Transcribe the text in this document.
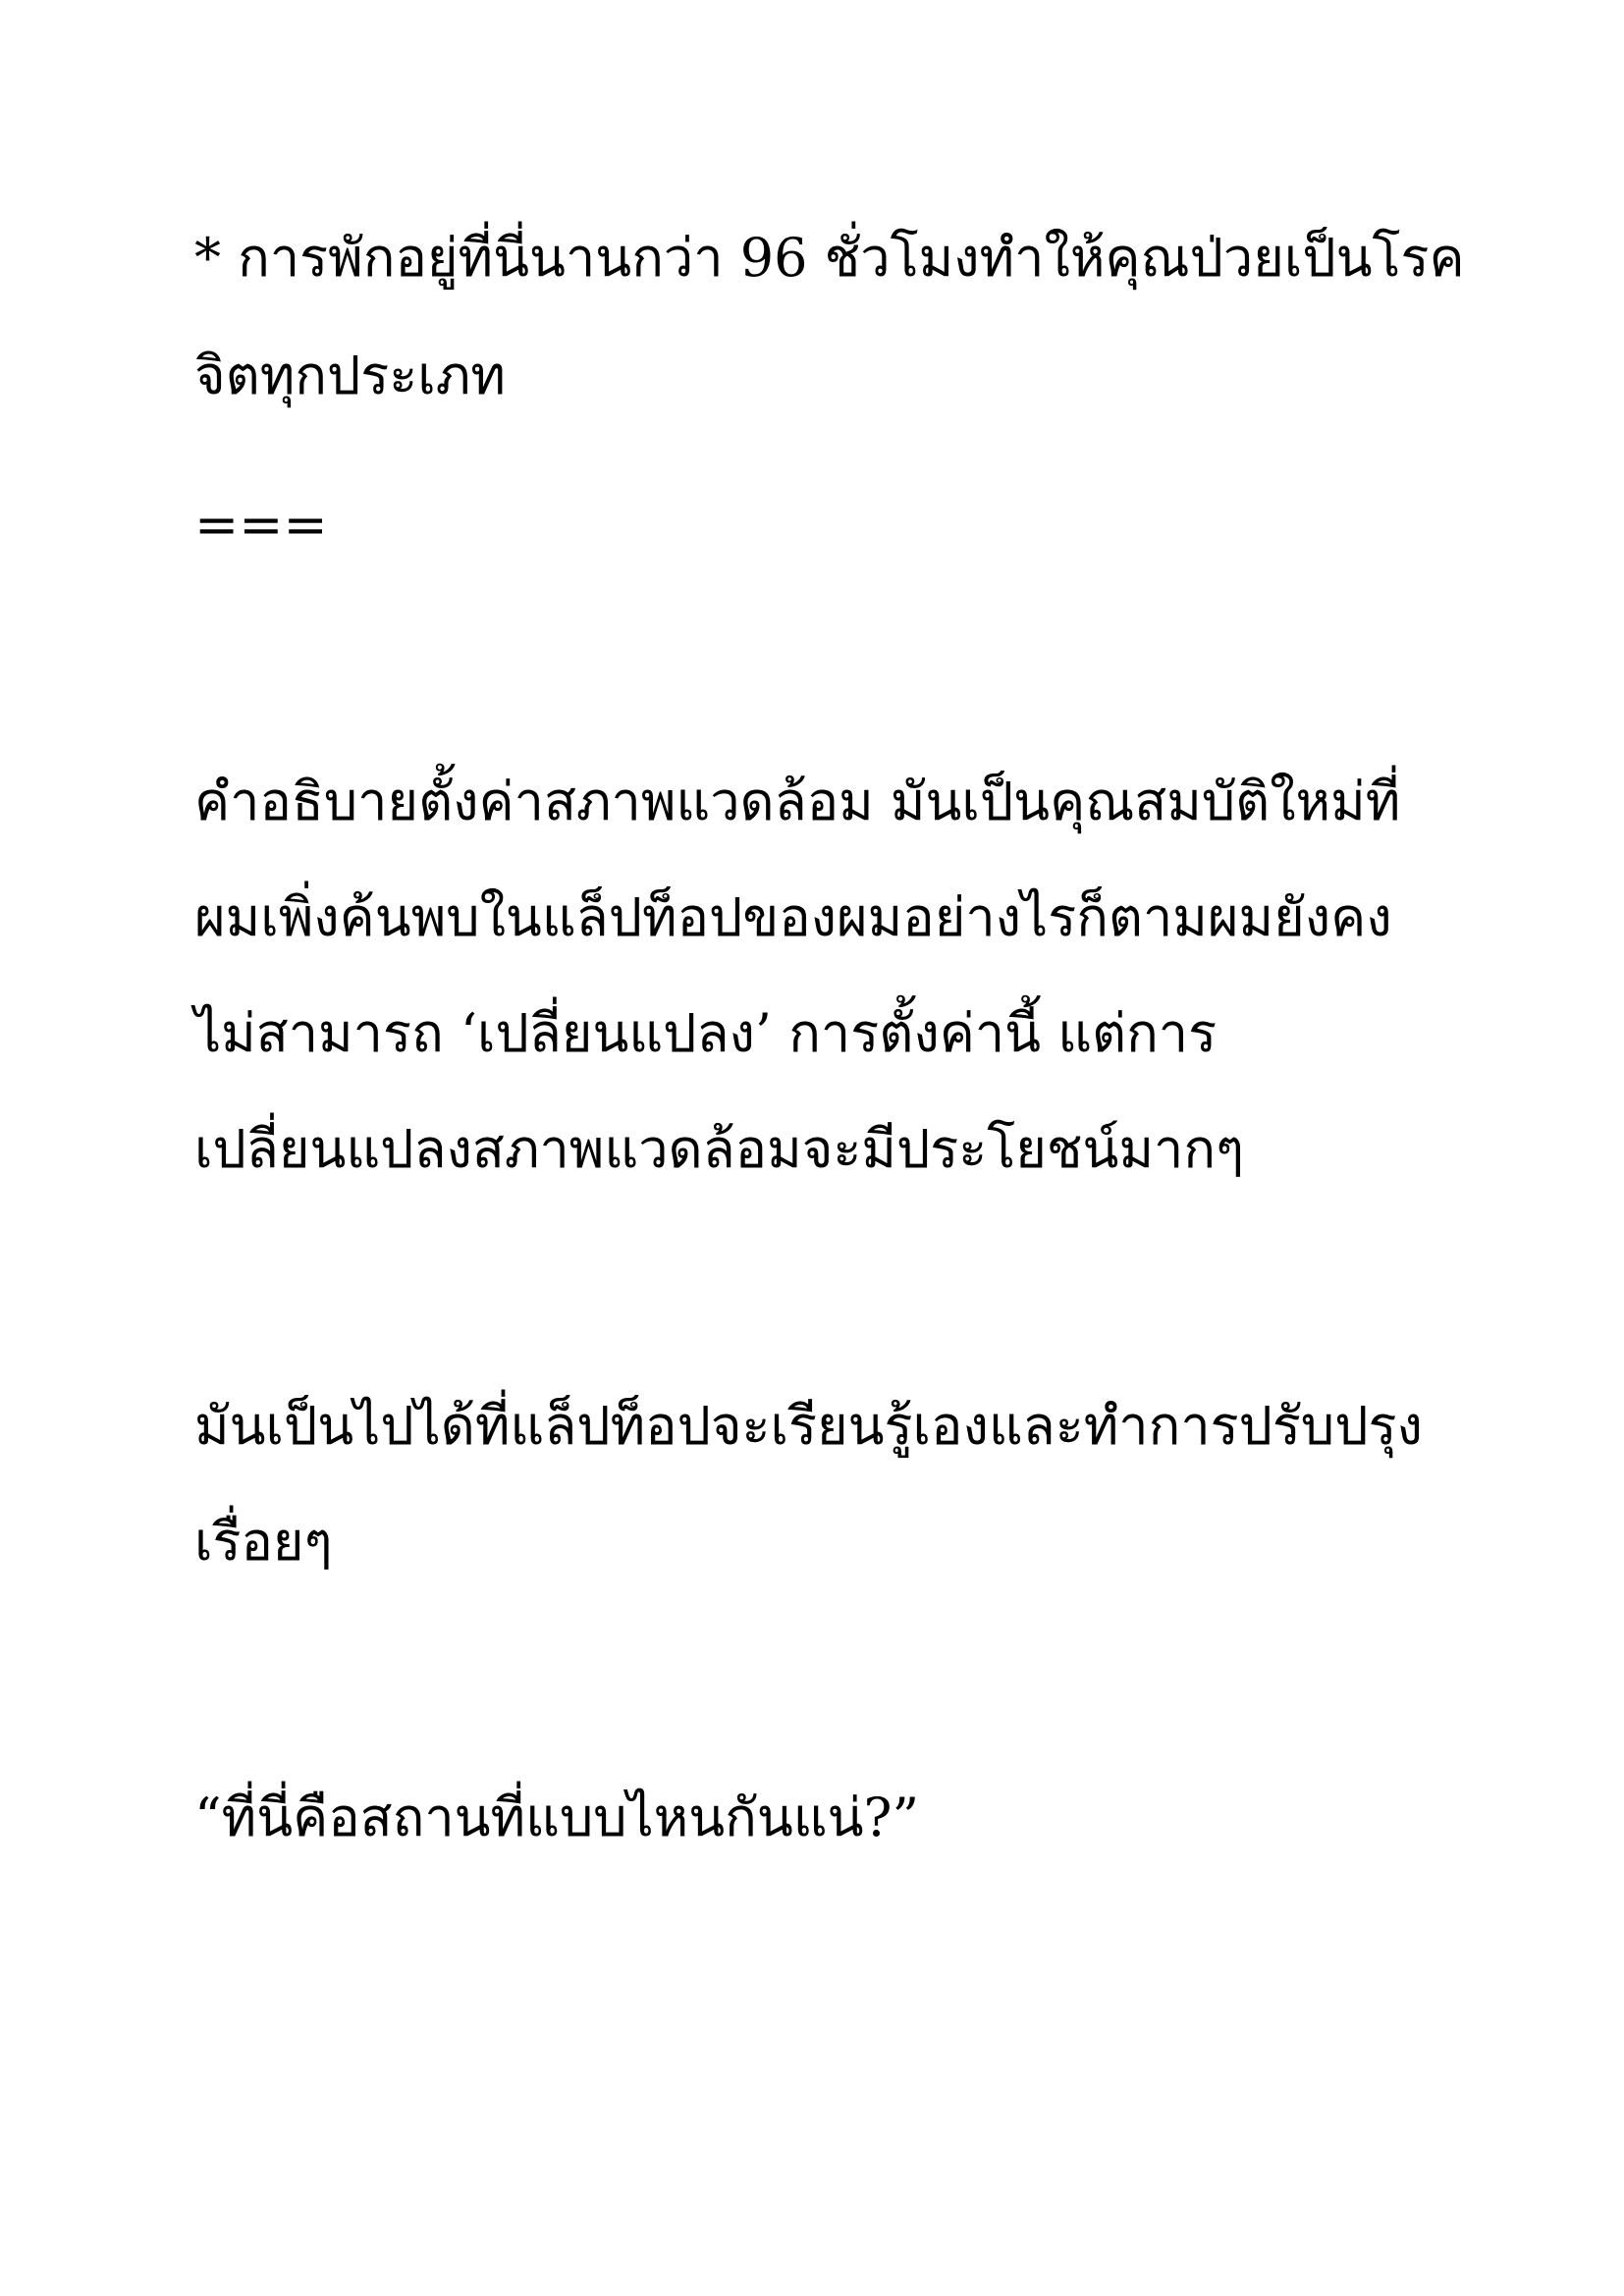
* การพักอยู่ที่นี่นานกว่า 96 ชั่วโมงทำให้คุณป่วยเป็นโรค

จิตทุกประเภท

===

คำอธิบายตั้งค่าสภาพแวดล้อม มันเป็นคุณสมบัติใหม่ที่

ผมเพิ่งค้นพบในแล็ปท็อปของผมอย่างไรก็ตามผมยังคง

ไม่สามารถ ‘เปลี่ยนแปลง’ การตั้งค่านี้ แต่การ

เปลี่ยนแปลงสภาพแวดล้อมจะมีประโยชน์มากๆ

มันเป็นไปได้ที่แล็ปท็อปจะเรียนรู้เองและทำการปรับปรุง

เรื่อยๆ

“ที่นี่คือสถานที่แบบไหนกันแน่?”
